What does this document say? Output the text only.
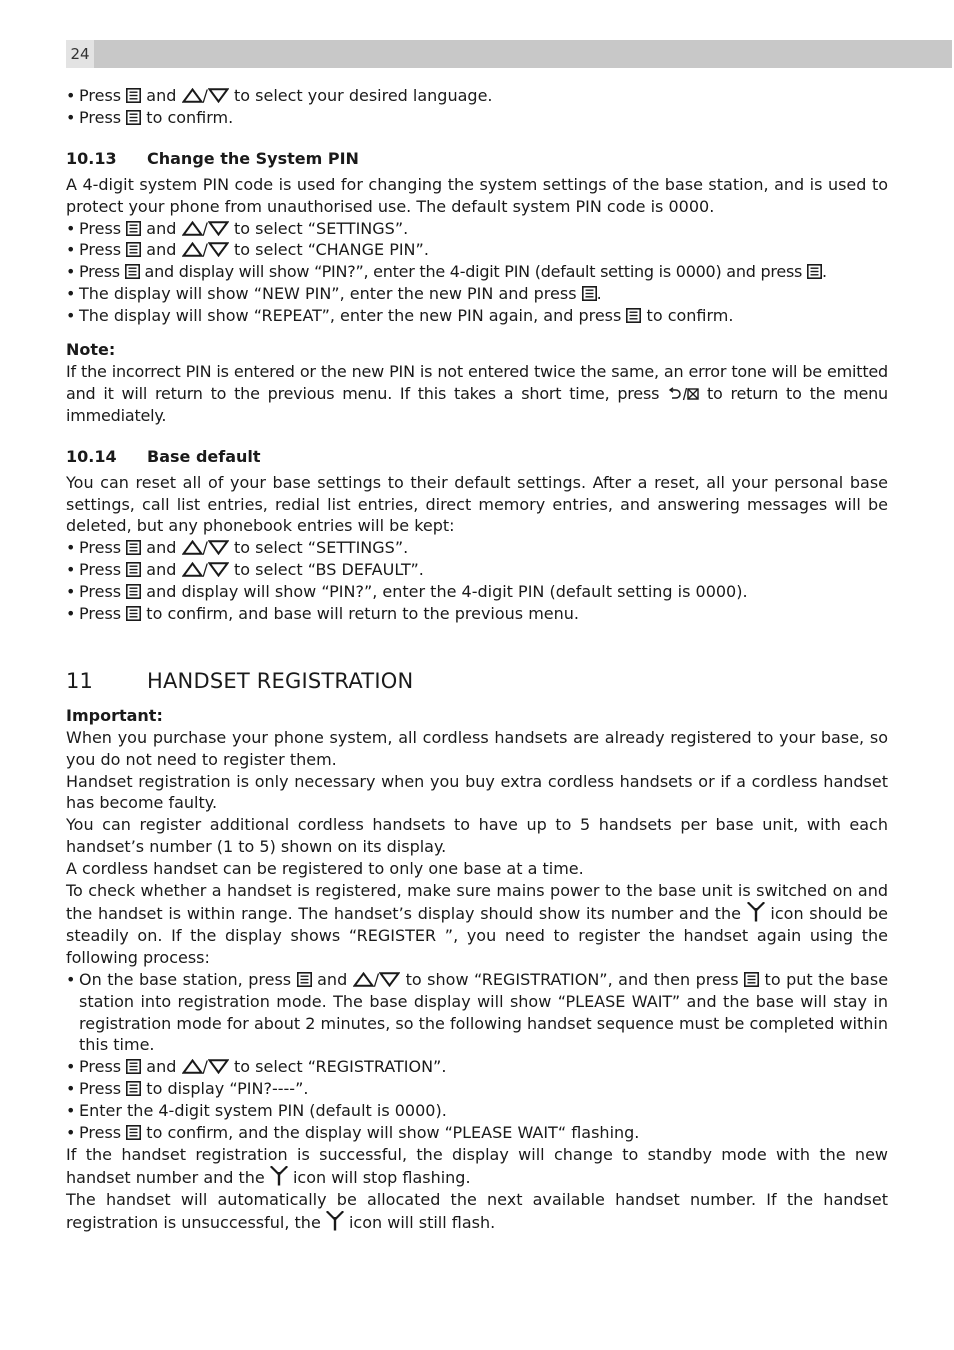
24
• Press and / to select your desired language.
• Press to confirm.
10.13	Change the System PIN

A 4-digit system PIN code is used for changing the system settings of the base station, and is used to protect your phone from unauthorised use. The default system PIN code is 0000.

• Press and / to select “SETTINGS”.
• Press and / to select “CHANGE PIN”.
• Press and display will show “PIN?”, enter the 4-digit PIN (default setting is 0000) and press .
• The display will show “NEW PIN”, enter the new PIN and press .
• The display will show “REPEAT”, enter the new PIN again, and press to confirm.

Note:

If the incorrect PIN is entered or the new PIN is not entered twice the same, an error tone will be emitted and it will return to the previous menu. If this takes a short time, press	to return to the menu immediately.

10.14	Base default

You can reset all of your base settings to their default settings. After a reset, all your personal base settings, call list entries, redial list entries, direct memory entries, and answering messages will be deleted, but any phonebook entries will be kept:

• Press and / to select “SETTINGS”.
• Press and / to select “BS DEFAULT”.
• Press and display will show “PIN?”, enter the 4-digit PIN (default setting is 0000).
• Press to confirm, and base will return to the previous menu.
11	HANDSET REGISTRATION

Important:

When you purchase your phone system, all cordless handsets are already registered to your base, so you do not need to register them.

Handset registration is only necessary when you buy extra cordless handsets or if a cordless handset has become faulty.

You can register additional cordless handsets to have up to 5 handsets per base unit, with each handset’s number (1 to 5) shown on its display.

A cordless handset can be registered to only one base at a time.

To check whether a handset is registered, make sure mains power to the base unit is switched on and the handset is within range. The handset’s display should show its number and the icon should be steadily on. If the display shows “REGISTER ”, you need to register the handset again using the following process:

• On the base station, press and / to show “REGISTRATION”, and then press to put the base station into registration mode. The base display will show “PLEASE WAIT” and the base will stay in registration mode for about 2 minutes, so the following handset sequence must be completed within this time.
• Press and / to select “REGISTRATION”.
• Press to display “PIN?----”.
• Enter the 4-digit system PIN (default is 0000).
• Press to confirm, and the display will show “PLEASE WAIT“ flashing.

If the handset registration is successful, the display will change to standby mode with the new handset number and the icon will stop flashing.

The handset will automatically be allocated the next available handset number. If the handset registration is unsuccessful, the icon will still flash.
